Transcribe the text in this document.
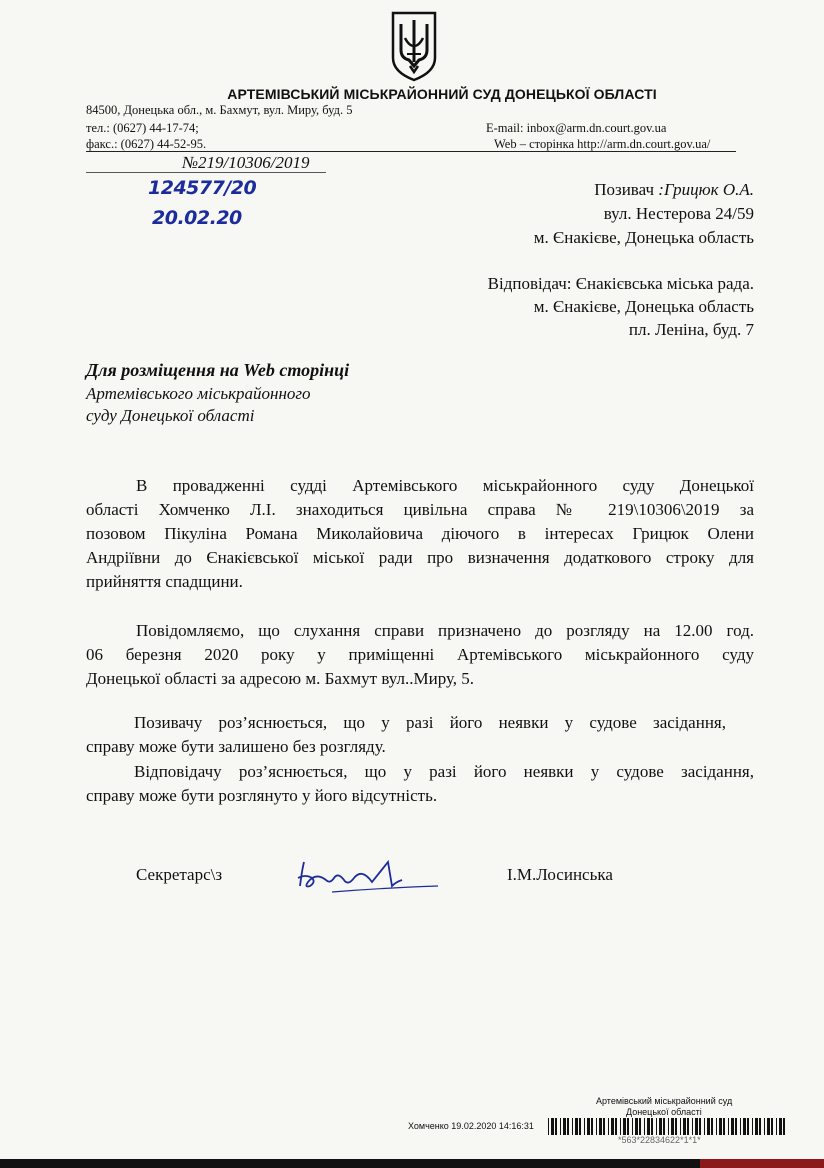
АРТЕМІВСЬКИЙ МІСЬКРАЙОННИЙ СУД ДОНЕЦЬКОЇ ОБЛАСТІ
84500, Донецька обл., м. Бахмут, вул. Миру, буд. 5
тел.: (0627) 44-17-74;
факс.: (0627) 44-52-95.
E-mail: inbox@arm.dn.court.gov.ua
Web – сторінка http://arm.dn.court.gov.ua/
№219/10306/2019
124577/20
20.02.20
Позивач :Грицюк О.А.
вул. Нестерова 24/59
м. Єнакієве, Донецька область
Відповідач: Єнакієвська міська рада.
м. Єнакієве, Донецька область
пл. Леніна, буд. 7
Для розміщення на Web сторінці
Артемівського міськрайонного
суду Донецької області
В провадженні судді Артемівського міськрайонного суду Донецької
області Хомченко Л.І. знаходиться цивільна справа № 219\10306\2019 за
позовом Пікуліна Романа Миколайовича діючого в інтересах Грицюк Олени
Андріївни до Єнакієвської міської ради про визначення додаткового строку для
прийняття спадщини.
Повідомляємо, що слухання справи призначено до розгляду на 12.00 год.
06 березня 2020 року у приміщенні Артемівського міськрайонного суду
Донецької області за адресою м. Бахмут вул..Миру, 5.
Позивачу роз’яснюється, що у разі його неявки у судове засідання,
справу може бути залишено без розгляду.
Відповідачу роз’яснюється, що у разі його неявки у судове засідання,
справу може бути розглянуто у його відсутність.
Секретарс\з	І.М.Лосинська
Артемівський міськрайонний суд
Донецької області
Хомченко 19.02.2020 14:16:31
*563*22834622*1*1*
